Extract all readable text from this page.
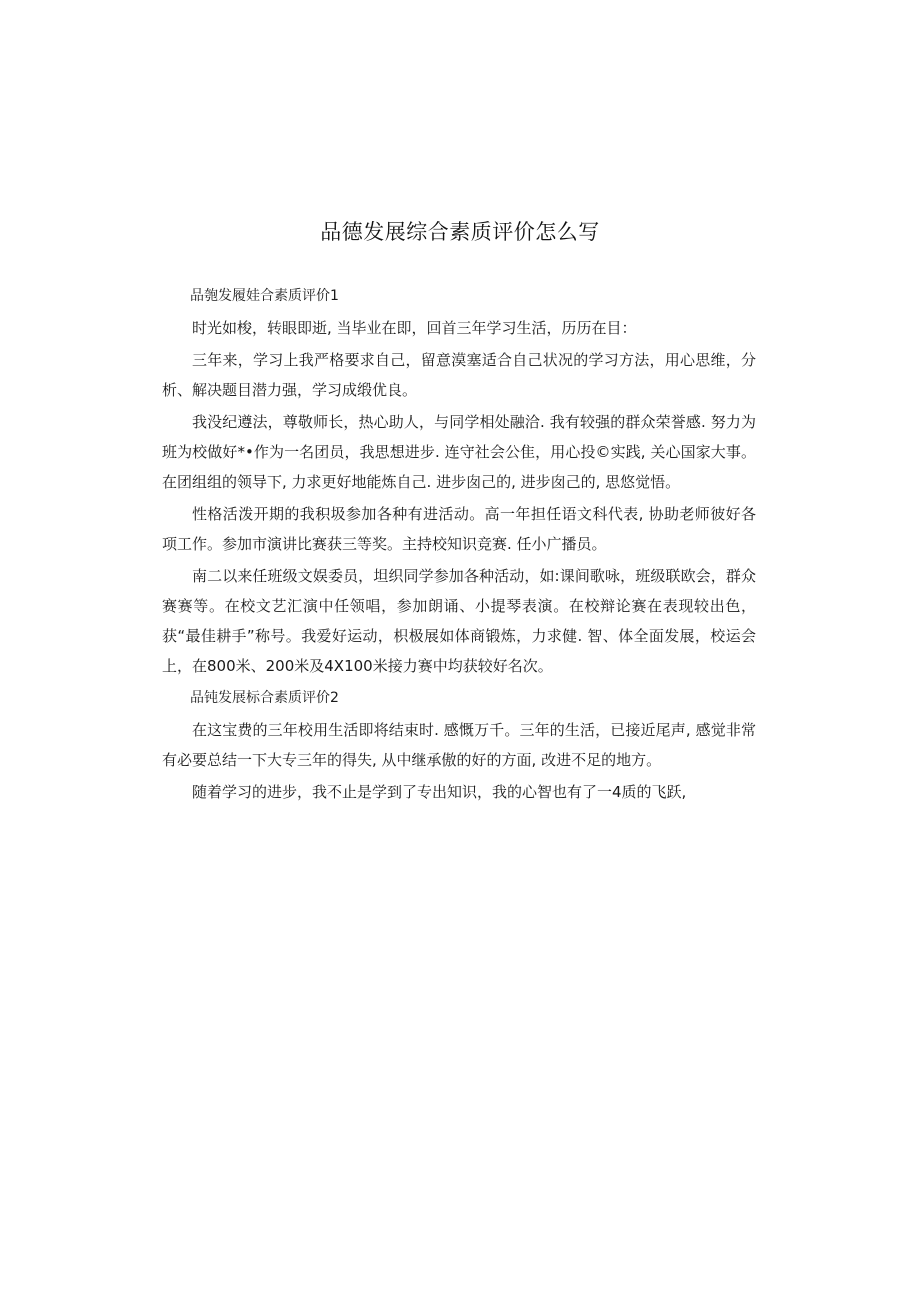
品德发展综合素质评价怎么写

品匏发履娃合素质评价1

时光如梭，转眼即逝, 当毕业在即，回首三年学习生活，历历在目：

三年来，学习上我严格要求自己，留意漠塞适合自己状况的学习方法，用心思维，分析、解决题目潜力强，学习成缎优良。

我没纪遵法，尊敬师长，热心助人，与同学相处融洽. 我有较强的群众荣誉感. 努力为班为校做好*•作为一名团员，我思想进步. 连守社会公隹，用心投©实践, 关心国家大事。在团组组的领导下, 力求更好地能炼自己. 进步囱己的, 进步囱己的, 思悠觉悟。

性格活泼开期的我积圾参加各种有进活动。高一年担任语文科代表, 协助老师彼好各项工作。参加市演讲比赛获三等奖。主持校知识竞赛. 任小广播员。

南二以来任班级文娱委员，坦织同学参加各种活动，如:课间歌咏，班级联欧会，群众赛赛等。在校文艺汇演中任领唱，参加朗诵、小提琴表演。在校辩论赛在表现较出色，获“最佳耕手”称号。我爱好运动，枳极展如体商锻炼，力求健. 智、体全面发展，校运会上，在800米、200米及4X100米接力赛中均获较好名次。

品钝发展标合素质评价2

在这宝费的三年校用生活即将结束时. 感慨万千。三年的生活，已接近尾声, 感觉非常有必要总结一下大专三年的得失, 从中继承傲的好的方面, 改进不足的地方。

随着学习的进步，我不止是学到了专出知识，我的心智也有了一4质的飞跃,
